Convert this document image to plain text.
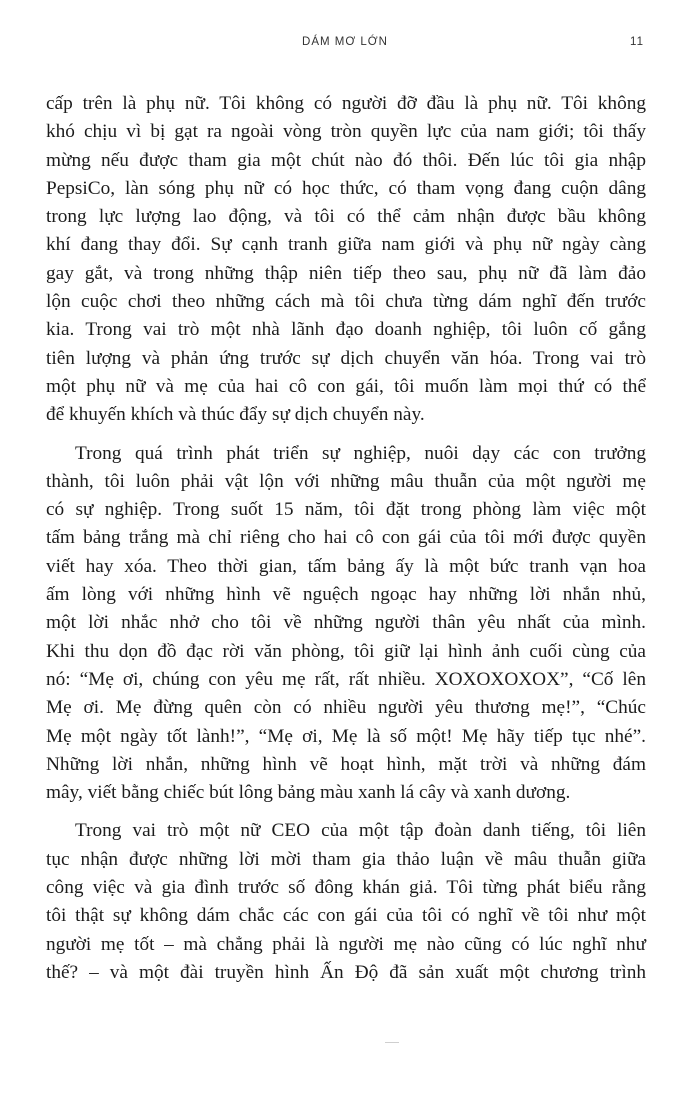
DÁM MƠ LỚN	11
cấp trên là phụ nữ. Tôi không có người đỡ đầu là phụ nữ. Tôi không
khó chịu vì bị gạt ra ngoài vòng tròn quyền lực của nam giới; tôi thấy
mừng nếu được tham gia một chút nào đó thôi. Đến lúc tôi gia nhập
PepsiCo, làn sóng phụ nữ có học thức, có tham vọng đang cuộn dâng
trong lực lượng lao động, và tôi có thể cảm nhận được bầu không
khí đang thay đổi. Sự cạnh tranh giữa nam giới và phụ nữ ngày càng
gay gắt, và trong những thập niên tiếp theo sau, phụ nữ đã làm đảo
lộn cuộc chơi theo những cách mà tôi chưa từng dám nghĩ đến trước
kia. Trong vai trò một nhà lãnh đạo doanh nghiệp, tôi luôn cố gắng
tiên lượng và phản ứng trước sự dịch chuyển văn hóa. Trong vai trò
một phụ nữ và mẹ của hai cô con gái, tôi muốn làm mọi thứ có thể
để khuyến khích và thúc đẩy sự dịch chuyển này.
Trong quá trình phát triển sự nghiệp, nuôi dạy các con trưởng
thành, tôi luôn phải vật lộn với những mâu thuẫn của một người mẹ
có sự nghiệp. Trong suốt 15 năm, tôi đặt trong phòng làm việc một
tấm bảng trắng mà chỉ riêng cho hai cô con gái của tôi mới được quyền
viết hay xóa. Theo thời gian, tấm bảng ấy là một bức tranh vạn hoa
ấm lòng với những hình vẽ nguệch ngoạc hay những lời nhắn nhủ,
một lời nhắc nhở cho tôi về những người thân yêu nhất của mình.
Khi thu dọn đồ đạc rời văn phòng, tôi giữ lại hình ảnh cuối cùng của
nó: “Mẹ ơi, chúng con yêu mẹ rất, rất nhiều. XOXOXOXOX”, “Cố lên
Mẹ ơi. Mẹ đừng quên còn có nhiều người yêu thương mẹ!”, “Chúc
Mẹ một ngày tốt lành!”, “Mẹ ơi, Mẹ là số một! Mẹ hãy tiếp tục nhé”.
Những lời nhắn, những hình vẽ hoạt hình, mặt trời và những đám
mây, viết bằng chiếc bút lông bảng màu xanh lá cây và xanh dương.
Trong vai trò một nữ CEO của một tập đoàn danh tiếng, tôi liên
tục nhận được những lời mời tham gia thảo luận về mâu thuẫn giữa
công việc và gia đình trước số đông khán giả. Tôi từng phát biểu rằng
tôi thật sự không dám chắc các con gái của tôi có nghĩ về tôi như một
người mẹ tốt – mà chẳng phải là người mẹ nào cũng có lúc nghĩ như
thế? – và một đài truyền hình Ấn Độ đã sản xuất một chương trình
